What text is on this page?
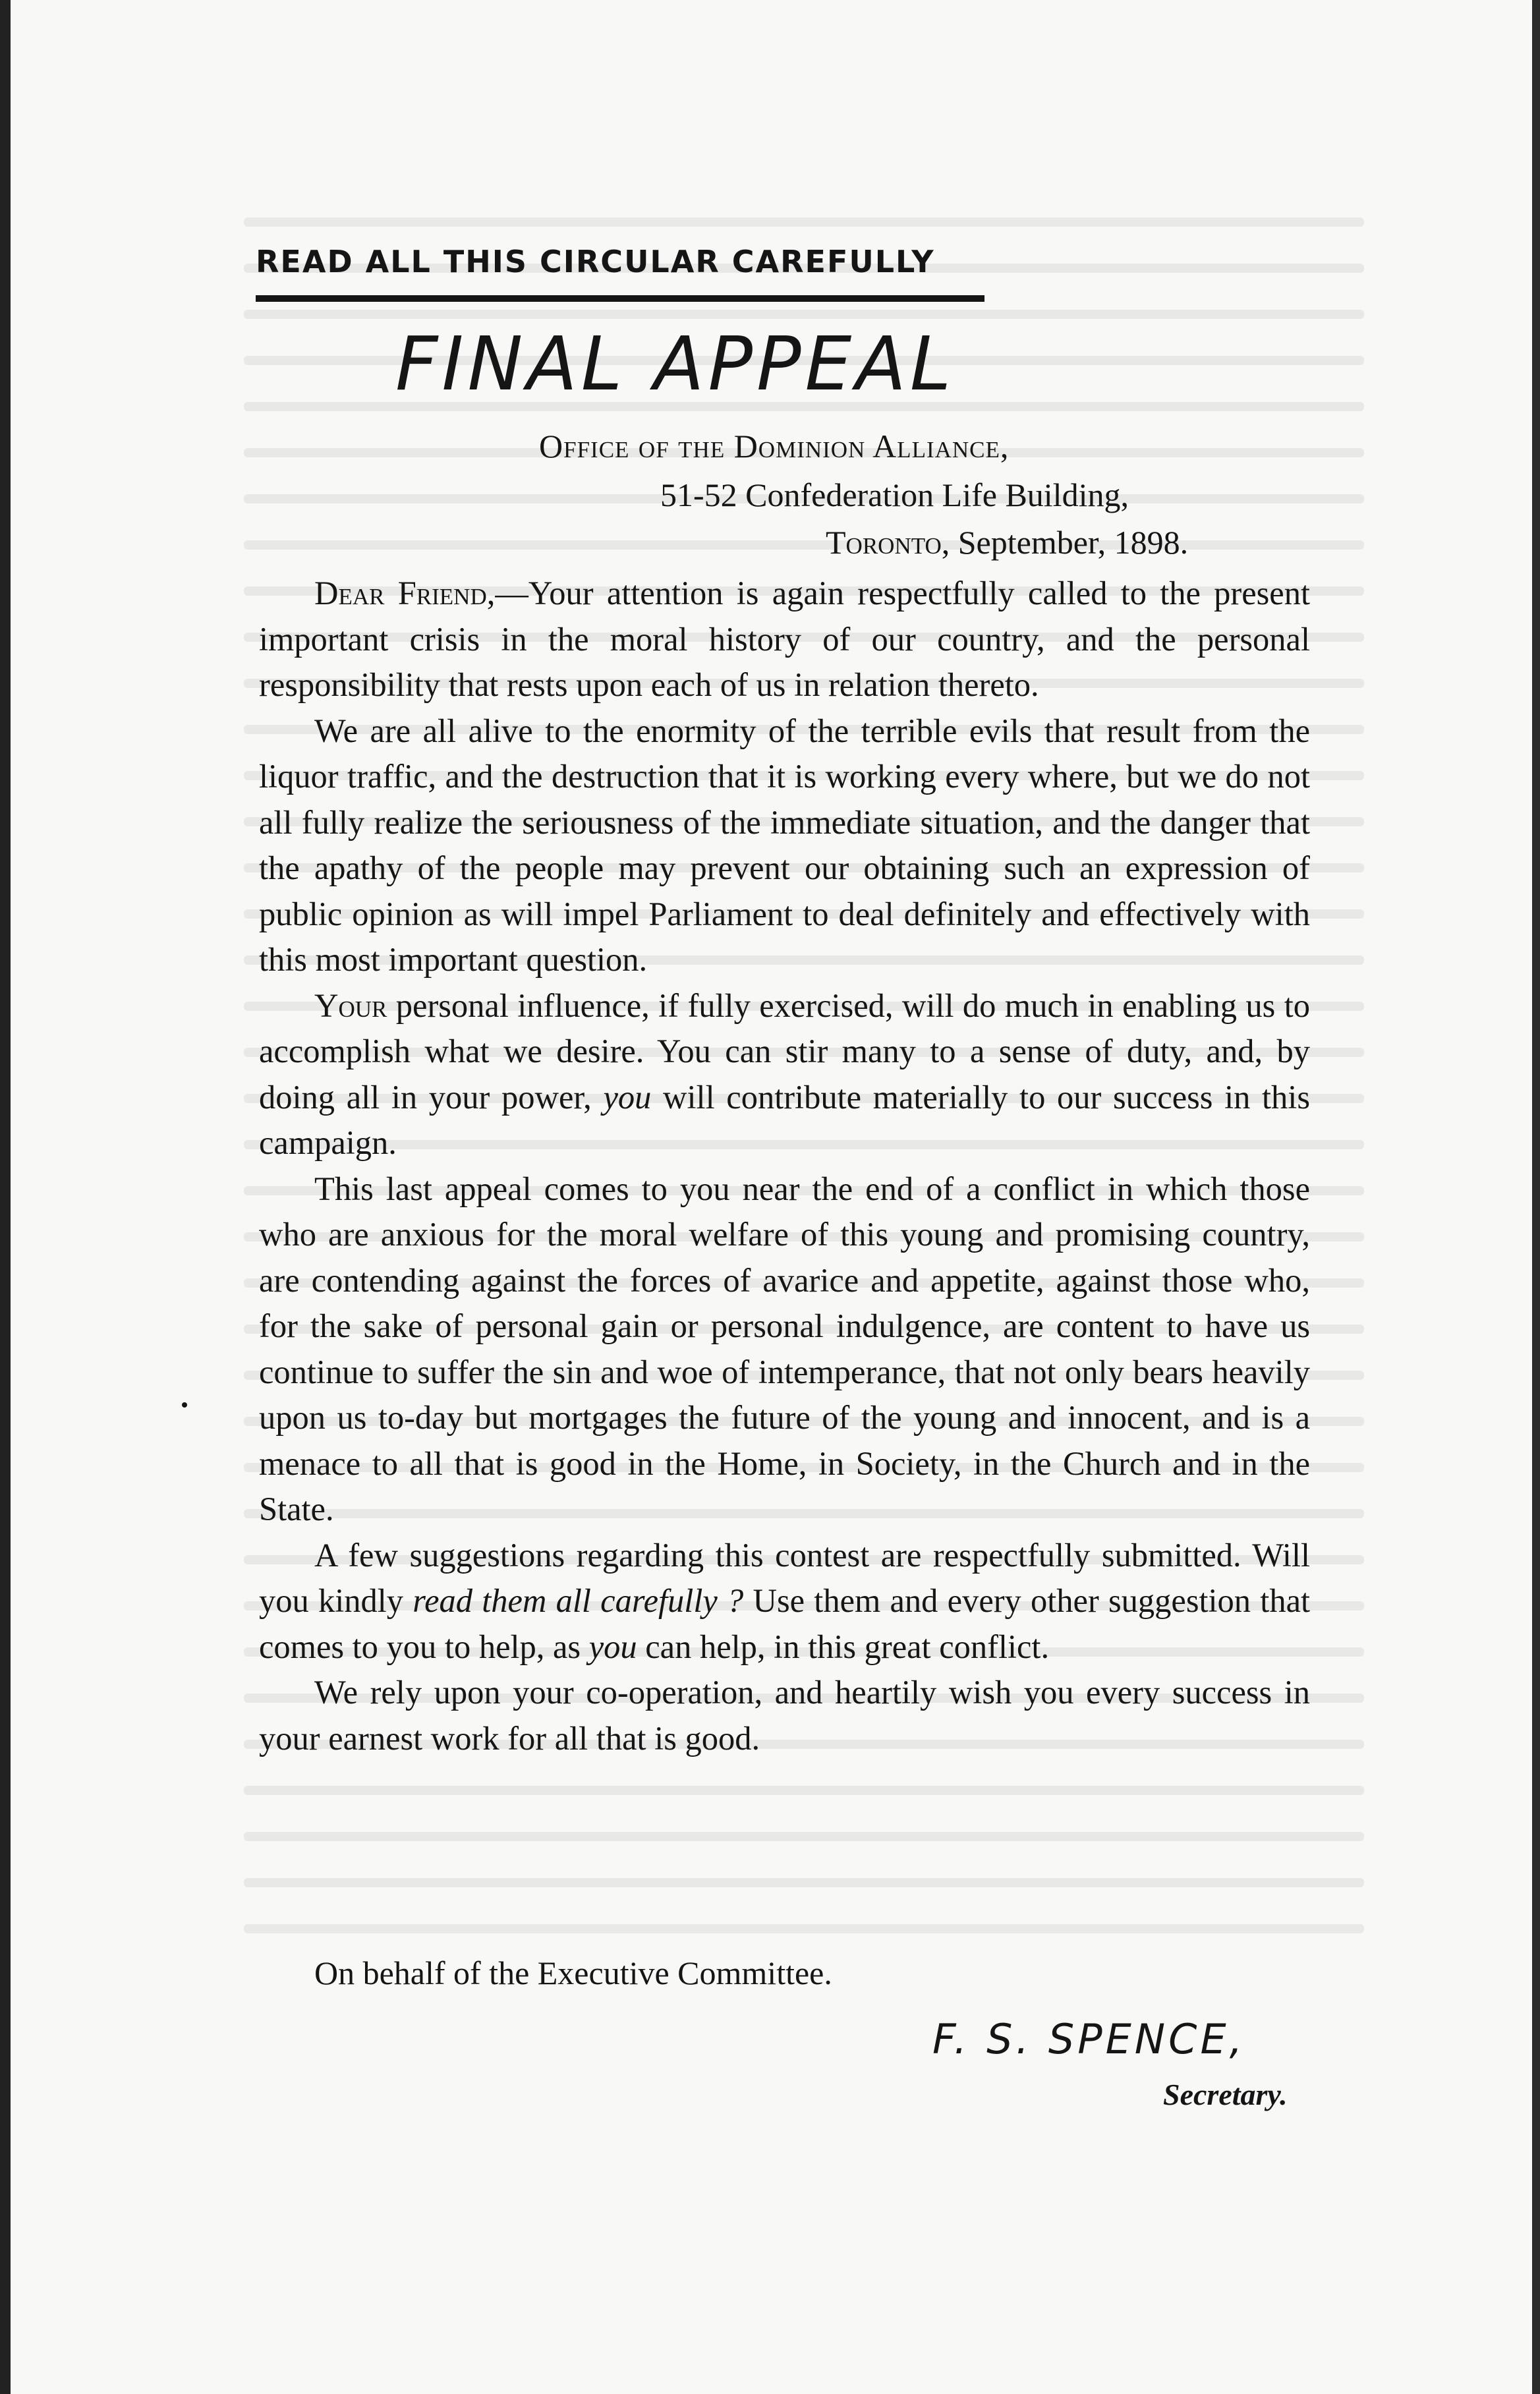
READ ALL THIS CIRCULAR CAREFULLY
FINAL APPEAL
Office of the Dominion Alliance,
51-52 Confederation Life Building,
Toronto, September, 1898.

Dear Friend,—Your attention is again respectfully called to the present important crisis in the moral history of our country, and the personal responsibility that rests upon each of us in relation thereto.

We are all alive to the enormity of the terrible evils that result from the liquor traffic, and the destruction that it is working every where, but we do not all fully realize the seriousness of the immediate situation, and the danger that the apathy of the people may prevent our obtaining such an expression of public opinion as will impel Parliament to deal definitely and effectively with this most important question.

Your personal influence, if fully exercised, will do much in enabling us to accomplish what we desire. You can stir many to a sense of duty, and, by doing all in your power, you will contribute materially to our success in this campaign.

This last appeal comes to you near the end of a conflict in which those who are anxious for the moral welfare of this young and promising country, are contending against the forces of avarice and appetite, against those who, for the sake of personal gain or personal indulgence, are content to have us continue to suffer the sin and woe of intemperance, that not only bears heavily upon us to-day but mortgages the future of the young and innocent, and is a menace to all that is good in the Home, in Society, in the Church and in the State.

A few suggestions regarding this contest are respectfully submitted. Will you kindly read them all carefully ? Use them and every other suggestion that comes to you to help, as you can help, in this great conflict.

We rely upon your co-operation, and heartily wish you every success in your earnest work for all that is good.

On behalf of the Executive Committee.
F. S. SPENCE,
Secretary.
